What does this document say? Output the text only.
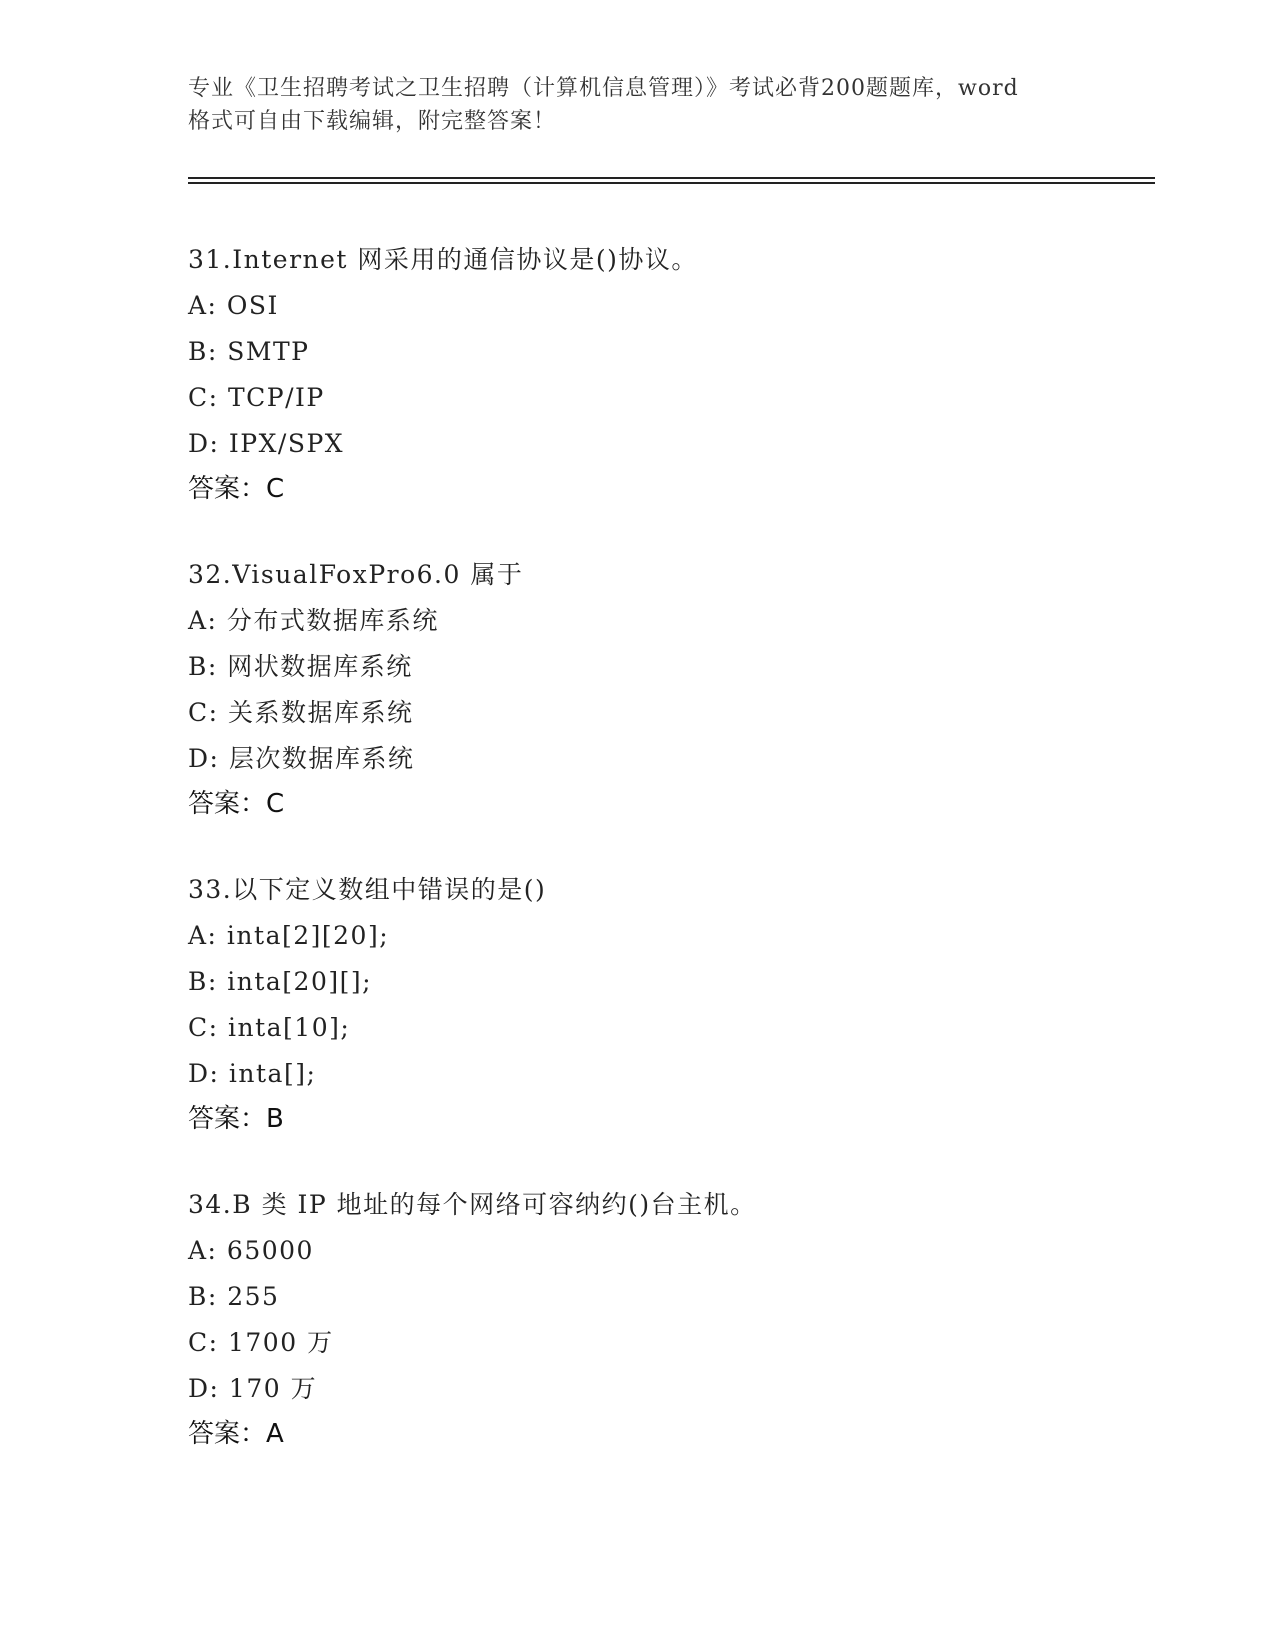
专业《卫生招聘考试之卫生招聘（计算机信息管理）》考试必背200题题库，word
格式可自由下载编辑，附完整答案！
31.Internet 网采用的通信协议是()协议。
A: OSI
B: SMTP
C: TCP/IP
D: IPX/SPX
答案：C
32.VisualFoxPro6.0 属于
A: 分布式数据库系统
B: 网状数据库系统
C: 关系数据库系统
D: 层次数据库系统
答案：C
33.以下定义数组中错误的是()
A: inta[2][20];
B: inta[20][];
C: inta[10];
D: inta[];
答案：B
34.B 类 IP 地址的每个网络可容纳约()台主机。
A: 65000
B: 255
C: 1700 万
D: 170 万
答案：A
